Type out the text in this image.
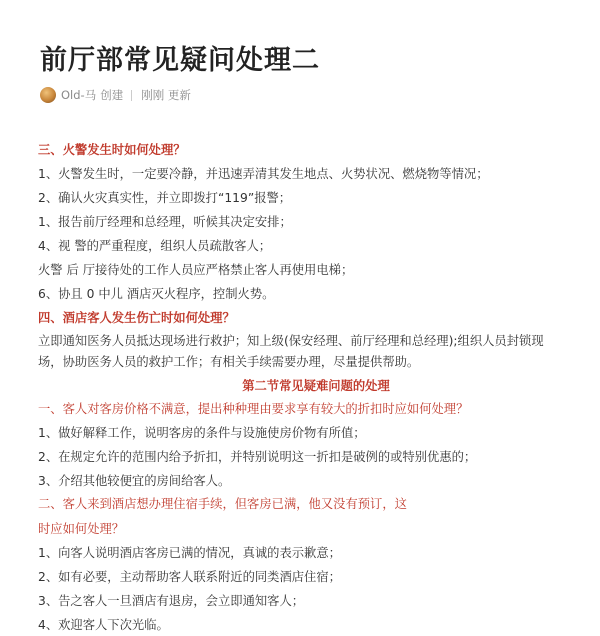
前厅部常见疑问处理二
Old-马 创建 刚刚 更新
三、火警发生时如何处理？
1、火警发生时，一定要冷静，并迅速弄清其发生地点、火势状况、燃烧物等情况；
2、确认火灾真实性，并立即拨打“119”报警；
1、报告前厅经理和总经理，听候其决定安排；
4、视 警的严重程度，组织人员疏散客人；
火警 后 厅接待处的工作人员应严格禁止客人再使用电梯；
6、协且 0 中儿 酒店灭火程序，控制火势。
四、酒店客人发生伤亡时如何处理？
立即通知医务人员抵达现场进行救护；知上级(保安经理、前厅经理和总经理);组织人员封锁现场，协助医务人员的救护工作；有相关手续需要办理，尽量提供帮助。
第二节常见疑难问题的处理
一、客人对客房价格不满意，提出种种理由要求享有较大的折扣时应如何处理？
1、做好解释工作，说明客房的条件与设施使房价物有所值；
2、在规定允许的范围内给予折扣，并特别说明这一折扣是破例的或特别优惠的；
3、介绍其他较便宜的房间给客人。
二、客人来到酒店想办理住宿手续，但客房已满，他又没有预订，这
时应如何处理？
1、向客人说明酒店客房已满的情况，真诚的表示歉意；
2、如有必要，主动帮助客人联系附近的同类酒店住宿；
3、告之客人一旦酒店有退房，会立即通知客人；
4、欢迎客人下次光临。
